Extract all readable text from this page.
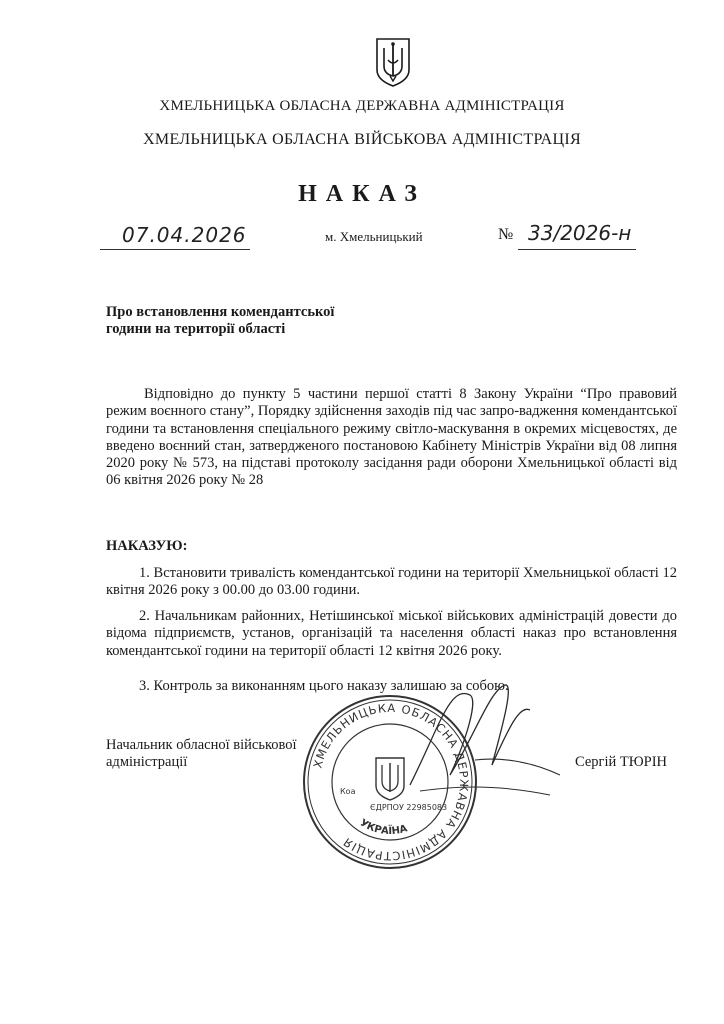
ХМЕЛЬНИЦЬКА ОБЛАСНА ДЕРЖАВНА АДМІНІСТРАЦІЯ
ХМЕЛЬНИЦЬКА ОБЛАСНА ВІЙСЬКОВА АДМІНІСТРАЦІЯ
НАКАЗ
07.04.2026	м. Хмельницький	№ 33/2026-н
Про встановлення комендантської
години на території області
Відповідно до пункту 5 частини першої статті 8 Закону України “Про правовий режим воєнного стану”, Порядку здійснення заходів під час запро-вадження комендантської години та встановлення спеціального режиму світло-маскування в окремих місцевостях, де введено воєнний стан, затвердженого постановою Кабінету Міністрів України від 08 липня 2020 року № 573, на підставі протоколу засідання ради оборони Хмельницької області від 06 квітня 2026 року № 28
НАКАЗУЮ:
1. Встановити тривалість комендантської години на території Хмельницької області 12 квітня 2026 року з 00.00 до 03.00 години.
2. Начальникам районних, Нетішинської міської військових адміністрацій довести до відома підприємств, установ, організацій та населення області наказ про встановлення комендантської години на території області 12 квітня 2026 року.
3. Контроль за виконанням цього наказу залишаю за собою.
Начальник обласної військової
адміністрації	Сергій ТЮРІН
ХМЕЛЬНИЦЬКА ОБЛАСНА ДЕРЖАВНА АДМІНІСТРАЦІЯ
УКРАЇНА
ЄДРПОУ 22985083
Коа
